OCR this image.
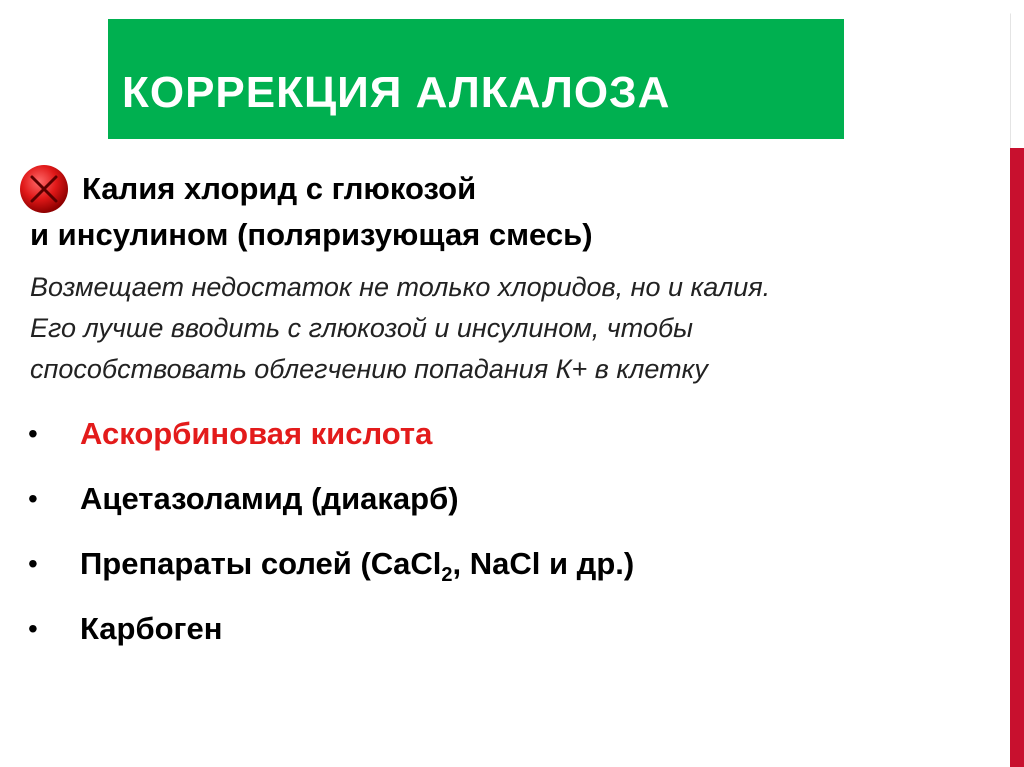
КОРРЕКЦИЯ АЛКАЛОЗА

Калия хлорид с глюкозой
и инсулином (поляризующая смесь)

Возмещает недостаток не только хлоридов, но и калия.
Его лучше вводить с глюкозой и инсулином, чтобы
способствовать облегчению попадания К+ в клетку

• Аскорбиновая кислота
• Ацетазоламид (диакарб)
• Препараты солей (CaCl$_2$, NaCl и др.)
• Карбоген
